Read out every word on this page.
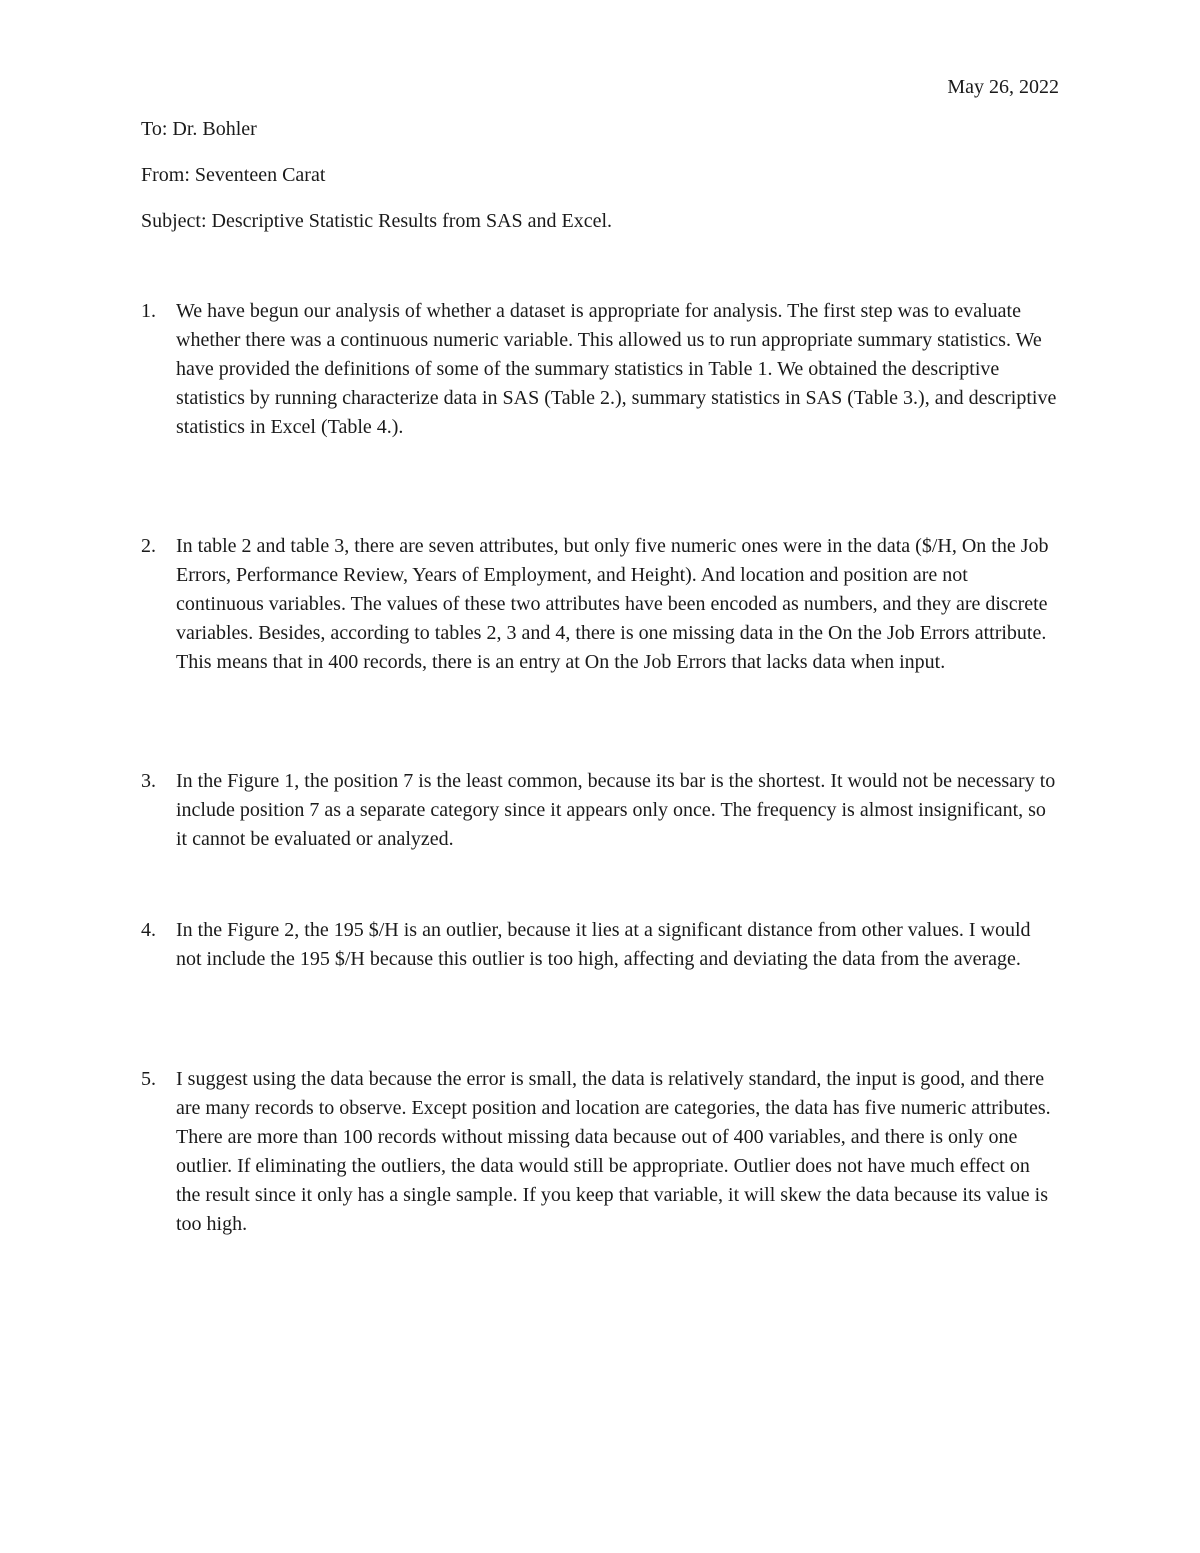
May 26, 2022
To: Dr. Bohler
From: Seventeen Carat
Subject: Descriptive Statistic Results from SAS and Excel.
1.	We have begun our analysis of whether a dataset is appropriate for analysis. The first step was to evaluate whether there was a continuous numeric variable. This allowed us to run appropriate summary statistics. We have provided the definitions of some of the summary statistics in Table 1. We obtained the descriptive statistics by running characterize data in SAS (Table 2.), summary statistics in SAS (Table 3.), and descriptive statistics in Excel (Table 4.).
2.	In table 2 and table 3, there are seven attributes, but only five numeric ones were in the data ($/H, On the Job Errors, Performance Review, Years of Employment, and Height). And location and position are not continuous variables. The values of these two attributes have been encoded as numbers, and they are discrete variables. Besides, according to tables 2, 3 and 4, there is one missing data in the On the Job Errors attribute. This means that in 400 records, there is an entry at On the Job Errors that lacks data when input.
3.	In the Figure 1, the position 7 is the least common, because its bar is the shortest. It would not be necessary to include position 7 as a separate category since it appears only once. The frequency is almost insignificant, so it cannot be evaluated or analyzed.
4.	In the Figure 2, the 195 $/H is an outlier, because it lies at a significant distance from other values. I would not include the 195 $/H because this outlier is too high, affecting and deviating the data from the average.
5.	I suggest using the data because the error is small, the data is relatively standard, the input is good, and there are many records to observe. Except position and location are categories, the data has five numeric attributes. There are more than 100 records without missing data because out of 400 variables, and there is only one outlier. If eliminating the outliers, the data would still be appropriate. Outlier does not have much effect on the result since it only has a single sample. If you keep that variable, it will skew the data because its value is too high.
